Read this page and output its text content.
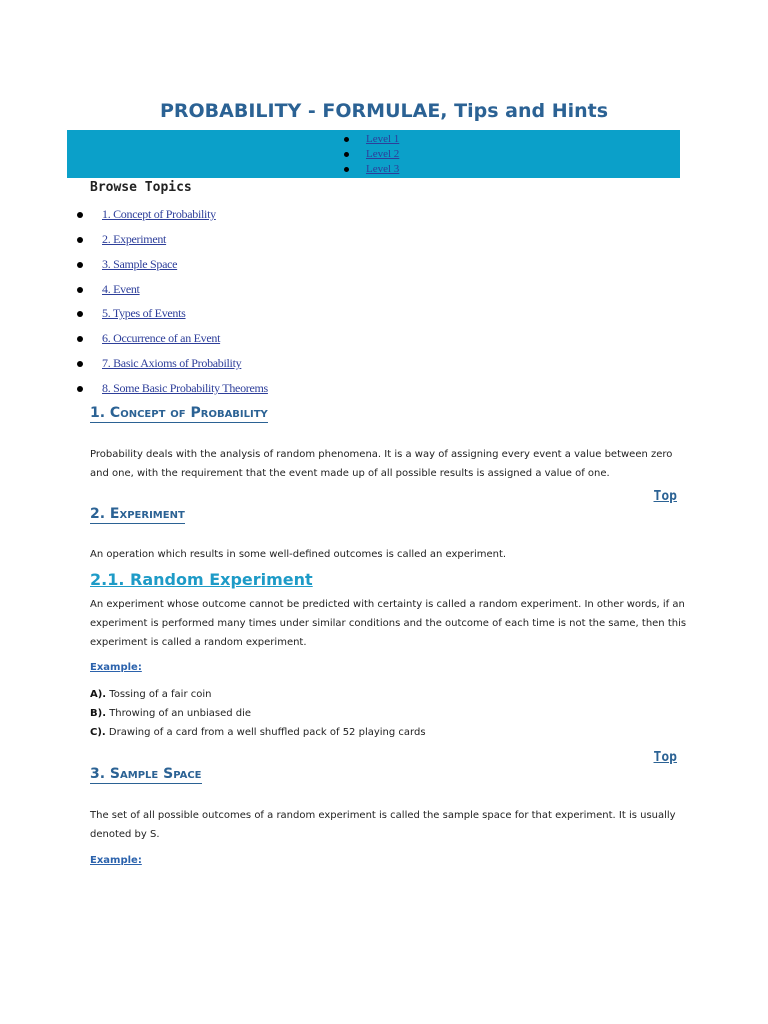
PROBABILITY - FORMULAE, Tips and Hints
Level 1
Level 2
Level 3
Browse Topics
1. Concept of Probability
2. Experiment
3. Sample Space
4. Event
5. Types of Events
6. Occurrence of an Event
7. Basic Axioms of Probability
8. Some Basic Probability Theorems
1. Concept of Probability
Probability deals with the analysis of random phenomena. It is a way of assigning every event a value between zero and one, with the requirement that the event made up of all possible results is assigned a value of one.
Top
2. Experiment
An operation which results in some well-defined outcomes is called an experiment.
2.1. Random Experiment
An experiment whose outcome cannot be predicted with certainty is called a random experiment. In other words, if an experiment is performed many times under similar conditions and the outcome of each time is not the same, then this experiment is called a random experiment.
Example:
A). Tossing of a fair coin
B). Throwing of an unbiased die
C). Drawing of a card from a well shuffled pack of 52 playing cards
Top
3. Sample Space
The set of all possible outcomes of a random experiment is called the sample space for that experiment. It is usually denoted by S.
Example:
